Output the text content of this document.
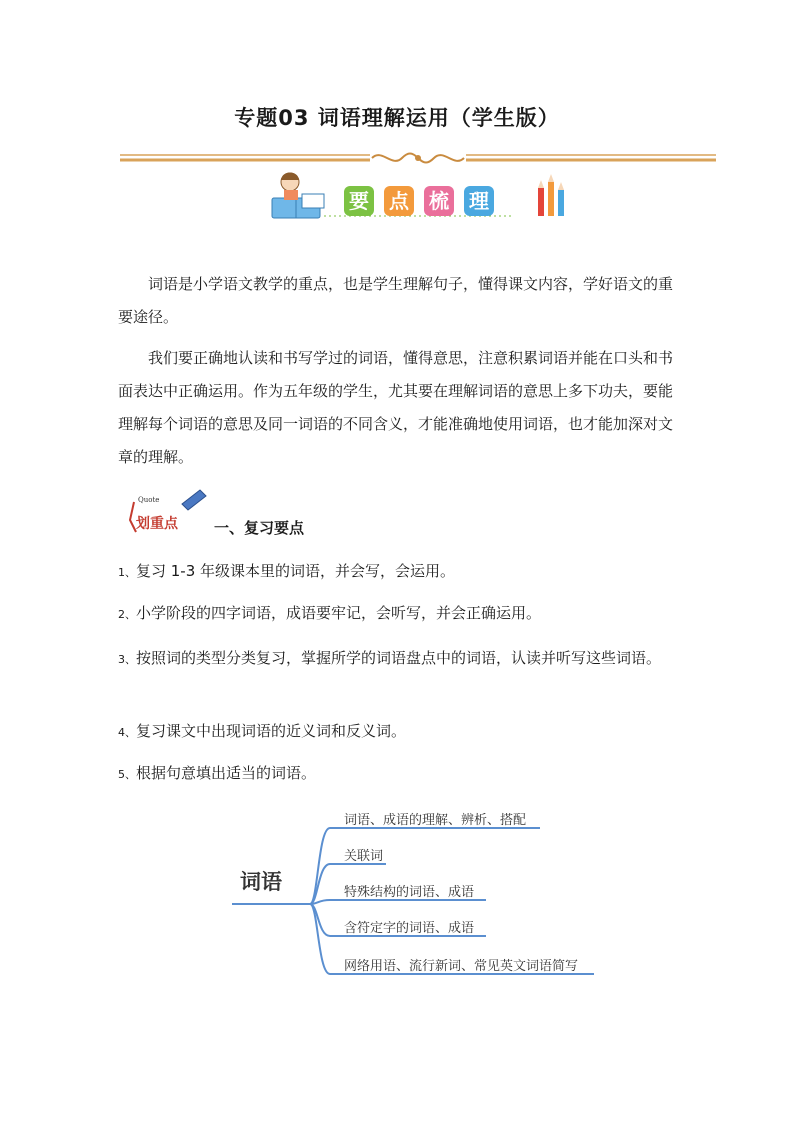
专题03 词语理解运用（学生版）
要 点 梳 理

词语是小学语文教学的重点，也是学生理解句子，懂得课文内容，学好语文的重要途径。

我们要正确地认读和书写学过的词语，懂得意思，注意积累词语并能在口头和书面表达中正确运用。作为五年级的学生，尤其要在理解词语的意思上多下功夫，要能理解每个词语的意思及同一词语的不同含义，才能准确地使用词语，也才能加深对文章的理解。

Quote
划重点 一、复习要点

1、复习 1-3 年级课本里的词语，并会写，会运用。

2、小学阶段的四字词语，成语要牢记，会听写，并会正确运用。

3、按照词的类型分类复习，掌握所学的词语盘点中的词语，认读并听写这些词语。

4、复习课文中出现词语的近义词和反义词。

5、根据句意填出适当的词语。

词语
词语、成语的理解、辨析、搭配
关联词
特殊结构的词语、成语
含符定字的词语、成语
网络用语、流行新词、常见英文词语简写
